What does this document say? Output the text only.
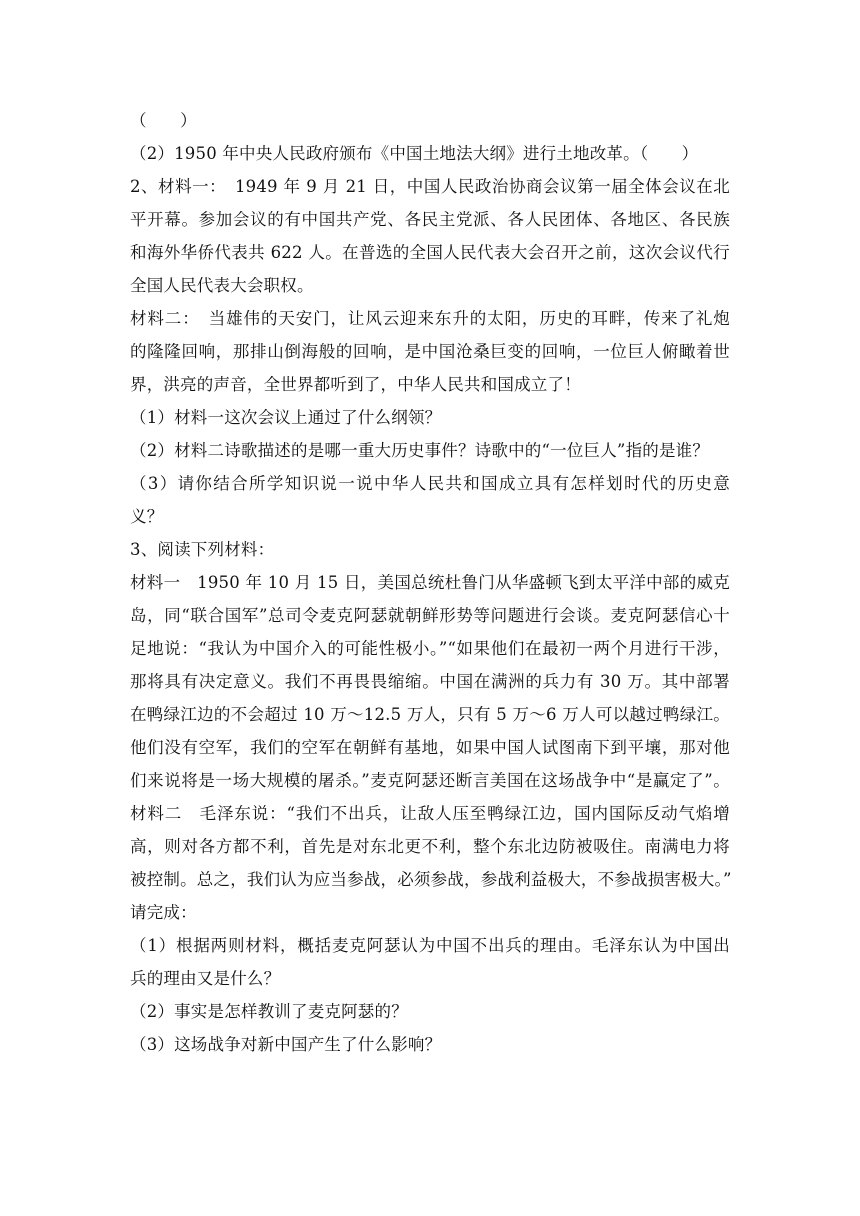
（　　）
（2）1950 年中央人民政府颁布《中国土地法大纲》进行土地改革。（　　）
2、材料一：　1949 年 9 月 21 日，中国人民政治协商会议第一届全体会议在北
平开幕。参加会议的有中国共产党、各民主党派、各人民团体、各地区、各民族
和海外华侨代表共 622 人。在普选的全国人民代表大会召开之前，这次会议代行
全国人民代表大会职权。
材料二：　当雄伟的天安门，让风云迎来东升的太阳，历史的耳畔，传来了礼炮
的隆隆回响，那排山倒海般的回响，是中国沧桑巨变的回响，一位巨人俯瞰着世
界，洪亮的声音，全世界都听到了，中华人民共和国成立了！
（1）材料一这次会议上通过了什么纲领？
（2）材料二诗歌描述的是哪一重大历史事件？诗歌中的“一位巨人”指的是谁？
（3）请你结合所学知识说一说中华人民共和国成立具有怎样划时代的历史意
义？
3、阅读下列材料：
材料一　1950 年 10 月 15 日，美国总统杜鲁门从华盛顿飞到太平洋中部的威克
岛，同“联合国军”总司令麦克阿瑟就朝鲜形势等问题进行会谈。麦克阿瑟信心十
足地说：“我认为中国介入的可能性极小。”“如果他们在最初一两个月进行干涉，
那将具有决定意义。我们不再畏畏缩缩。中国在满洲的兵力有 30 万。其中部署
在鸭绿江边的不会超过 10 万～12.5 万人，只有 5 万～6 万人可以越过鸭绿江。
他们没有空军，我们的空军在朝鲜有基地，如果中国人试图南下到平壤，那对他
们来说将是一场大规模的屠杀。”麦克阿瑟还断言美国在这场战争中“是赢定了”。
材料二　毛泽东说：“我们不出兵，让敌人压至鸭绿江边，国内国际反动气焰增
高，则对各方都不利，首先是对东北更不利，整个东北边防被吸住。南满电力将
被控制。总之，我们认为应当参战，必须参战，参战利益极大，不参战损害极大。”
请完成：
（1）根据两则材料，概括麦克阿瑟认为中国不出兵的理由。毛泽东认为中国出
兵的理由又是什么？
（2）事实是怎样教训了麦克阿瑟的？
（3）这场战争对新中国产生了什么影响？
